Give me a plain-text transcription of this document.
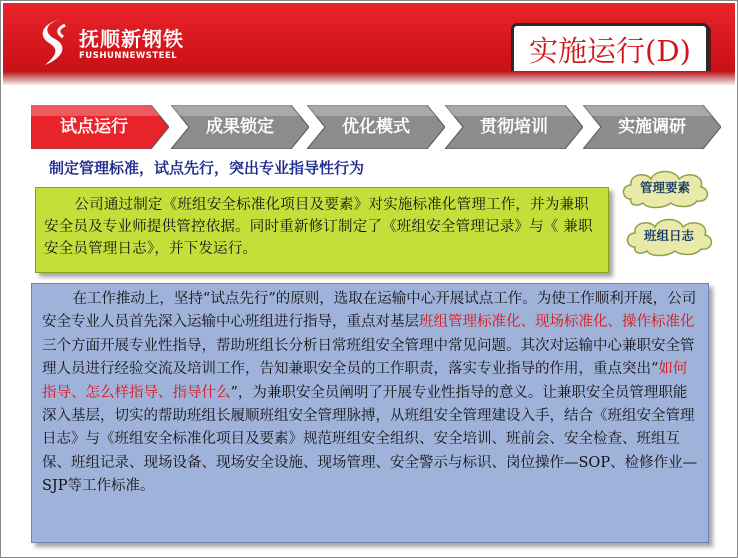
抚顺新钢铁
FUSHUNNEWSTEEL	实施运行(D)
试点运行	成果锁定	优化模式	贯彻培训	实施调研
制定管理标准，试点先行，突出专业指导性行为

公司通过制定《班组安全标准化项目及要素》对实施标准化管理工作，并为兼职安全员及专业师提供管控依据。同时重新修订制定了《班组安全管理记录》与《 兼职安全员管理日志》，并下发运行。

管理要素
班组日志

在工作推动上，坚持“试点先行”的原则，选取在运输中心开展试点工作。为使工作顺利开展，公司安全专业人员首先深入运输中心班组进行指导，重点对基层班组管理标准化、现场标准化、操作标准化三个方面开展专业性指导，帮助班组长分析日常班组安全管理中常见问题。其次对运输中心兼职安全管理人员进行经验交流及培训工作，告知兼职安全员的工作职责，落实专业指导的作用，重点突出“如何指导、怎么样指导、指导什么”，为兼职安全员阐明了开展专业性指导的意义。让兼职安全员管理职能深入基层，切实的帮助班组长履顺班组安全管理脉搏，从班组安全管理建设入手，结合《班组安全管理日志》与《班组安全标准化项目及要素》规范班组安全组织、安全培训、班前会、安全检查、班组互保、班组记录、现场设备、现场安全设施、现场管理、安全警示与标识、岗位操作—SOP、检修作业—SJP等工作标准。
